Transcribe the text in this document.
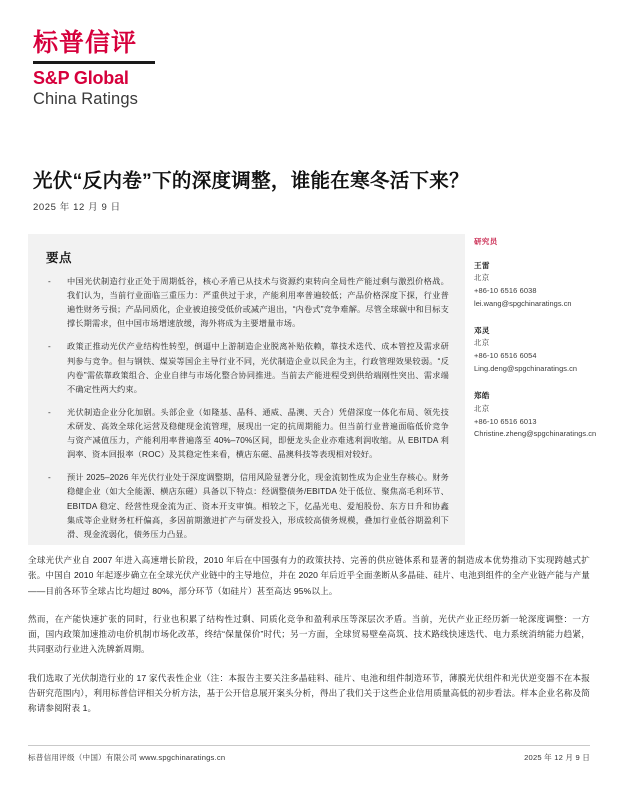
标普信评
S&P Global
China Ratings
光伏“反内卷”下的深度调整，谁能在寒冬活下来？
2025 年 12 月 9 日
要点
- 中国光伏制造行业正处于周期低谷，核心矛盾已从技术与资源约束转向全局性产能过剩与激烈价格战。我们认为，当前行业面临三重压力：严重供过于求，产能利用率普遍较低；产品价格深度下探，行业普遍性财务亏损；产品同质化，企业被迫接受低价或减产退出，“内卷式”竞争难解。尽管全球碳中和目标支撑长期需求，但中国市场增速放缓，海外将成为主要增量市场。
- 政策正推动光伏产业结构性转型，倒逼中上游制造企业脱离补贴依赖，靠技术迭代、成本管控及需求研判参与竞争。但与钢铁、煤炭等国企主导行业不同，光伏制造企业以民企为主，行政管理效果较弱。“反内卷”需依靠政策组合、企业自律与市场化整合协同推进。当前去产能进程受到供给端刚性突出、需求端不确定性两大约束。
- 光伏制造企业分化加剧。头部企业（如隆基、晶科、通威、晶澳、天合）凭借深度一体化布局、领先技术研发、高效全球化运营及稳健现金流管理，展现出一定的抗周期能力。但当前行业普遍面临低价竞争与资产减值压力，产能利用率普遍落至 40%–70%区间，即便龙头企业亦难逃利润收缩。从 EBITDA 利润率、资本回报率（ROC）及其稳定性来看，横店东磁、晶澳科技等表现相对较好。
- 预计 2025–2026 年光伏行业处于深度调整期，信用风险显著分化，现金流韧性成为企业生存核心。财务稳健企业（如大全能源、横店东磁）具备以下特点：经调整债务/EBITDA 处于低位、聚焦高毛利环节、EBITDA 稳定、经营性现金流为正、资本开支审慎。相较之下，亿晶光电、爱旭股份、东方日升和协鑫集成等企业财务杠杆偏高，多因前期激进扩产与研发投入，形成较高债务规模，叠加行业低谷期盈利下滑、现金流弱化，债务压力凸显。
研究员
王雷
北京
+86-10 6516 6038
lei.wang@spgchinaratings.cn
邓灵
北京
+86-10 6516 6054
Ling.deng@spgchinaratings.cn
郑皓
北京
+86-10 6516 6013
Christine.zheng@spgchinaratings.cn

全球光伏产业自 2007 年进入高速增长阶段，2010 年后在中国强有力的政策扶持、完善的供应链体系和显著的制造成本优势推动下实现跨越式扩张。中国自 2010 年起逐步确立在全球光伏产业链中的主导地位，并在 2020 年后近乎全面垄断从多晶硅、硅片、电池到组件的全产业链产能与产量——目前各环节全球占比均超过 80%，部分环节（如硅片）甚至高达 95%以上。

然而，在产能快速扩张的同时，行业也积累了结构性过剩、同质化竞争和盈利承压等深层次矛盾。当前，光伏产业正经历新一轮深度调整：一方面，国内政策加速推动电价机制市场化改革，终结“保量保价”时代；另一方面，全球贸易壁垒高筑、技术路线快速迭代、电力系统消纳能力趋紧，共同驱动行业进入洗牌新周期。

我们选取了光伏制造行业的 17 家代表性企业（注：本报告主要关注多晶硅料、硅片、电池和组件制造环节，薄膜光伏组件和光伏逆变器不在本报告研究范围内），利用标普信评相关分析方法，基于公开信息展开案头分析，得出了我们关于这些企业信用质量高低的初步看法。样本企业名称及简称请参阅附表 1。

标普信用评级（中国）有限公司 www.spgchinaratings.cn	2025 年 12 月 9 日
